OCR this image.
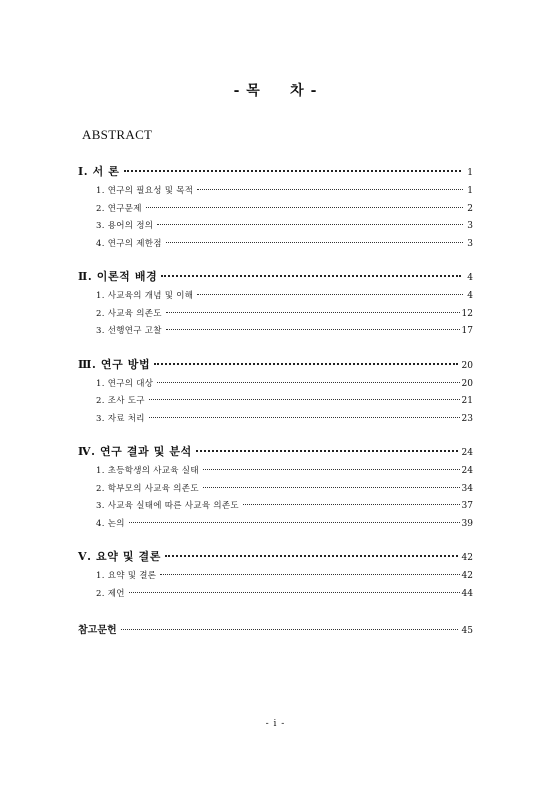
- 목     차 -
ABSTRACT
Ⅰ. 서 론	1
1. 연구의 필요성 및 목적	1
2. 연구문제	2
3. 용어의 정의	3
4. 연구의 제한점	3
Ⅱ. 이론적 배경	4
1. 사교육의 개념 및 이해	4
2. 사교육 의존도	12
3. 선행연구 고찰	17
Ⅲ. 연구 방법	20
1. 연구의 대상	20
2. 조사 도구	21
3. 자료 처리	23
Ⅳ. 연구 결과 및 분석	24
1. 초등학생의 사교육 실태	24
2. 학부모의 사교육 의존도	34
3. 사교육 실태에 따른 사교육 의존도	37
4. 논의	39
Ⅴ. 요약 및 결론	42
1. 요약 및 결론	42
2. 제언	44
참고문헌	45
- i -
